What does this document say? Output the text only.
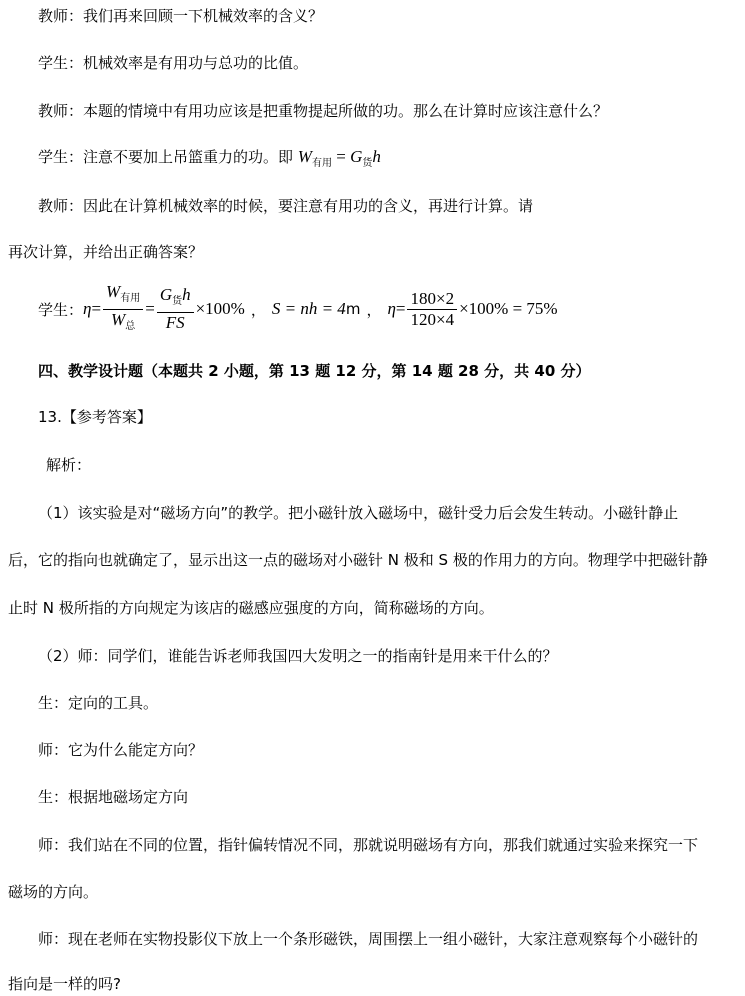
教师：我们再来回顾一下机械效率的含义？
学生：机械效率是有用功与总功的比值。
教师：本题的情境中有用功应该是把重物提起所做的功。那么在计算时应该注意什么？
学生：注意不要加上吊篮重力的功。即 $W_{有用} = G_货h$
教师：因此在计算机械效率的时候，要注意有用功的含义，再进行计算。请
再次计算，并给出正确答案？
学生： $\eta = \frac{W_{有用}}{W_总} = \frac{G_货h}{FS} \times 100\%$ ， S = nh = 4 m ， $\eta = \frac{180\times 2}{120\times 4} \times 100\% = 75\%$
四、教学设计题（本题共 2 小题，第 13 题 12 分，第 14 题 28 分，共 40 分）
13.【参考答案】
解析：
（1）该实验是对“磁场方向”的教学。把小磁针放入磁场中，磁针受力后会发生转动。小磁针静止
后，它的指向也就确定了，显示出这一点的磁场对小磁针 N 极和 S 极的作用力的方向。物理学中把磁针静
止时 N 极所指的方向规定为该店的磁感应强度的方向，简称磁场的方向。
（2）师：同学们，谁能告诉老师我国四大发明之一的指南针是用来干什么的？
生：定向的工具。
师：它为什么能定方向？
生：根据地磁场定方向
师：我们站在不同的位置，指针偏转情况不同，那就说明磁场有方向，那我们就通过实验来探究一下
磁场的方向。
师：现在老师在实物投影仪下放上一个条形磁铁，周围摆上一组小磁针，大家注意观察每个小磁针的
指向是一样的吗?
